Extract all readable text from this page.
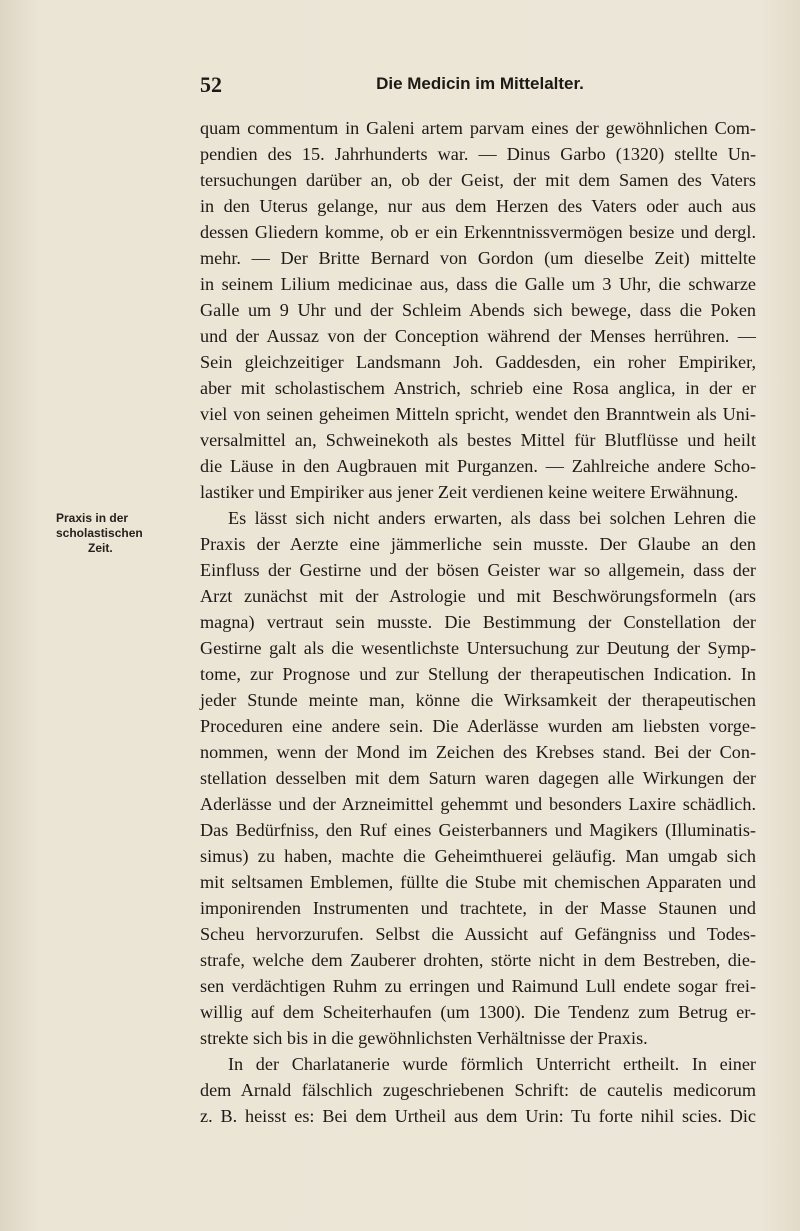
52	Die Medicin im Mittelalter.
Praxis in der
scholastischen
Zeit.
quam commentum in Galeni artem parvam eines der gewöhnlichen Com-
pendien des 15. Jahrhunderts war. — Dinus Garbo (1320) stellte Un-
tersuchungen darüber an, ob der Geist, der mit dem Samen des Vaters
in den Uterus gelange, nur aus dem Herzen des Vaters oder auch aus
dessen Gliedern komme, ob er ein Erkenntnissvermögen besize und dergl.
mehr. — Der Britte Bernard von Gordon (um dieselbe Zeit) mittelte
in seinem Lilium medicinae aus, dass die Galle um 3 Uhr, die schwarze
Galle um 9 Uhr und der Schleim Abends sich bewege, dass die Poken
und der Aussaz von der Conception während der Menses herrühren. —
Sein gleichzeitiger Landsmann Joh. Gaddesden, ein roher Empiriker,
aber mit scholastischem Anstrich, schrieb eine Rosa anglica, in der er
viel von seinen geheimen Mitteln spricht, wendet den Branntwein als Uni-
versalmittel an, Schweinekoth als bestes Mittel für Blutflüsse und heilt
die Läuse in den Augbrauen mit Purganzen. — Zahlreiche andere Scho-
lastiker und Empiriker aus jener Zeit verdienen keine weitere Erwähnung.
Es lässt sich nicht anders erwarten, als dass bei solchen Lehren die
Praxis der Aerzte eine jämmerliche sein musste. Der Glaube an den
Einfluss der Gestirne und der bösen Geister war so allgemein, dass der
Arzt zunächst mit der Astrologie und mit Beschwörungsformeln (ars
magna) vertraut sein musste. Die Bestimmung der Constellation der
Gestirne galt als die wesentlichste Untersuchung zur Deutung der Symp-
tome, zur Prognose und zur Stellung der therapeutischen Indication. In
jeder Stunde meinte man, könne die Wirksamkeit der therapeutischen
Proceduren eine andere sein. Die Aderlässe wurden am liebsten vorge-
nommen, wenn der Mond im Zeichen des Krebses stand. Bei der Con-
stellation desselben mit dem Saturn waren dagegen alle Wirkungen der
Aderlässe und der Arzneimittel gehemmt und besonders Laxire schädlich.
Das Bedürfniss, den Ruf eines Geisterbanners und Magikers (Illuminatis-
simus) zu haben, machte die Geheimthuerei geläufig. Man umgab sich
mit seltsamen Emblemen, füllte die Stube mit chemischen Apparaten und
imponirenden Instrumenten und trachtete, in der Masse Staunen und
Scheu hervorzurufen. Selbst die Aussicht auf Gefängniss und Todes-
strafe, welche dem Zauberer drohten, störte nicht in dem Bestreben, die-
sen verdächtigen Ruhm zu erringen und Raimund Lull endete sogar frei-
willig auf dem Scheiterhaufen (um 1300). Die Tendenz zum Betrug er-
strekte sich bis in die gewöhnlichsten Verhältnisse der Praxis.
In der Charlatanerie wurde förmlich Unterricht ertheilt. In einer
dem Arnald fälschlich zugeschriebenen Schrift: de cautelis medicorum
z. B. heisst es: Bei dem Urtheil aus dem Urin: Tu forte nihil scies. Dic
